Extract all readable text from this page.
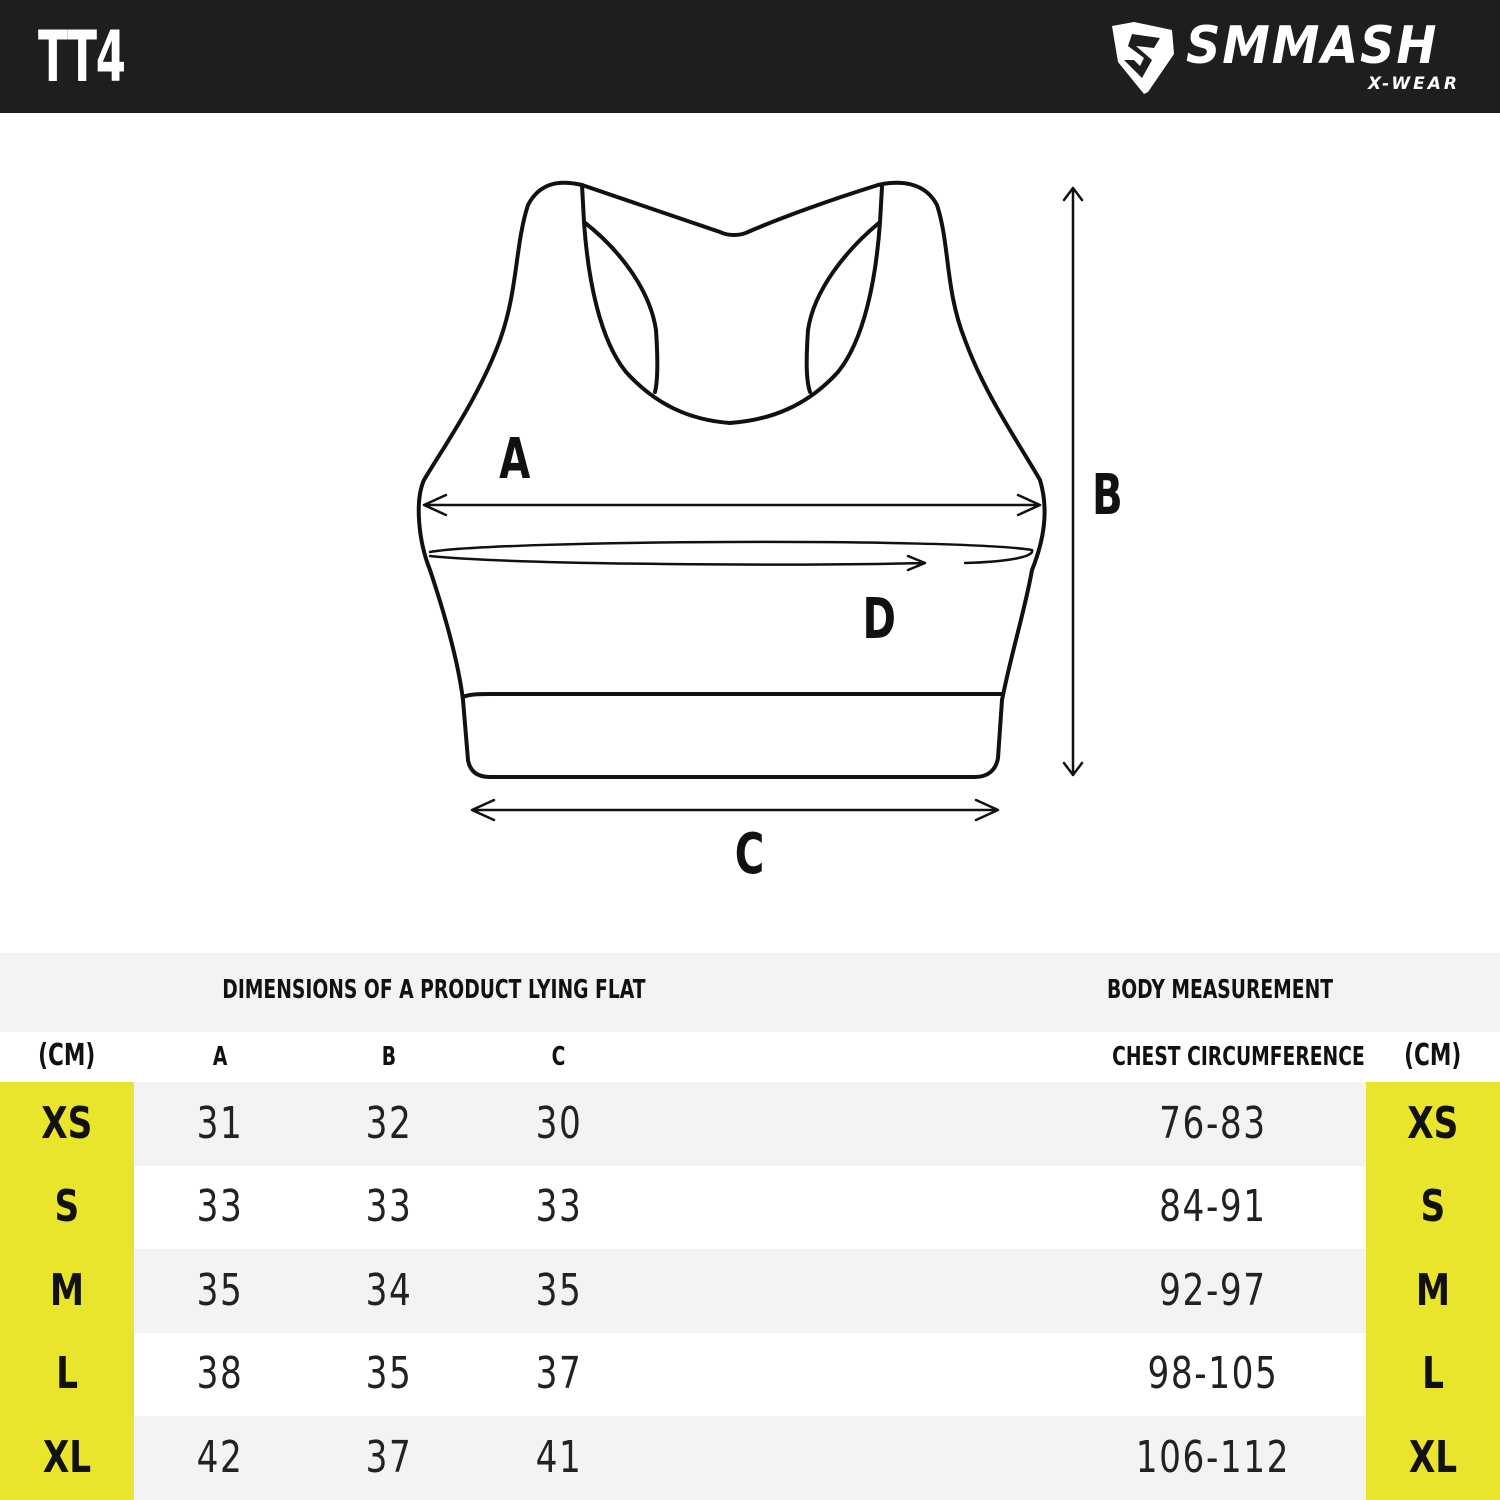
TT4	SMMASH
X-WEAR
A
D
B
C
DIMENSIONS OF A PRODUCT LYING FLAT	BODY MEASUREMENT
(CM)	A	B	C	CHEST CIRCUMFERENCE	(CM)
XS	31	32	30	76-83	XS
S	33	33	33	84-91	S
M	35	34	35	92-97	M
L	38	35	37	98-105	L
XL	42	37	41	106-112	XL
